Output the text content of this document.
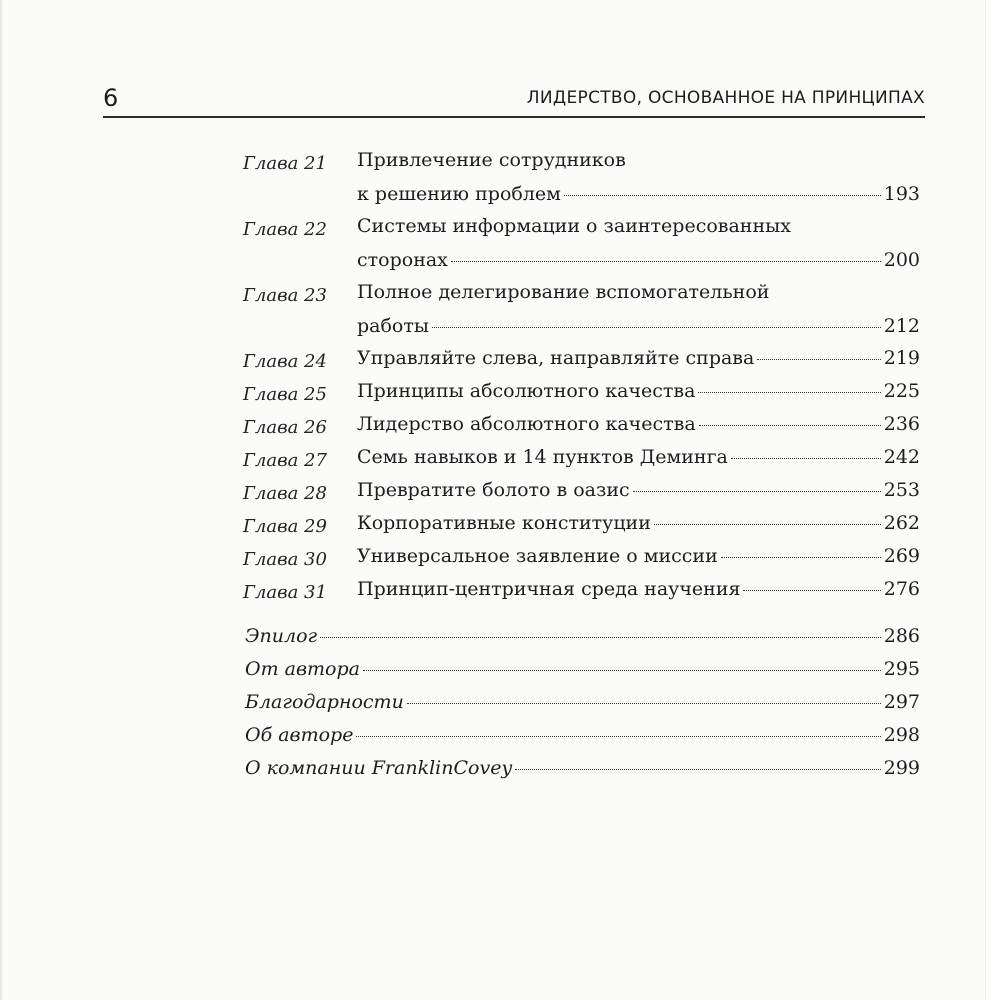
6	ЛИДЕРСТВО, ОСНОВАННОЕ НА ПРИНЦИПАХ
Глава 21 Привлечение сотрудников
к решению проблем	193
Глава 22 Системы информации о заинтересованных
сторонах	200
Глава 23 Полное делегирование вспомогательной
работы	212
Глава 24 Управляйте слева, направляйте справа	219
Глава 25 Принципы абсолютного качества	225
Глава 26 Лидерство абсолютного качества	236
Глава 27 Семь навыков и 14 пунктов Деминга	242
Глава 28 Превратите болото в оазис	253
Глава 29 Корпоративные конституции	262
Глава 30 Универсальное заявление о миссии	269
Глава 31 Принцип-центричная среда научения	276
Эпилог	286
От автора	295
Благодарности	297
Об авторе	298
О компании FranklinCovey	299
